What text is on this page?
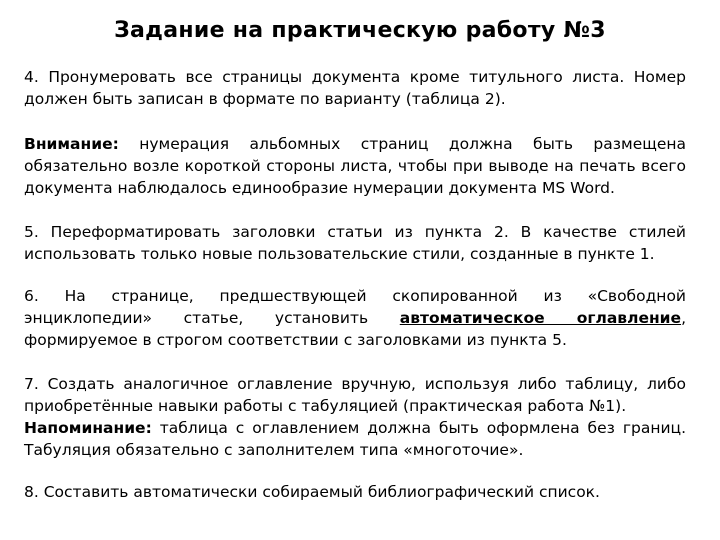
Задание на практическую работу №3
4. Пронумеровать все страницы документа кроме титульного листа. Номер должен быть записан в формате по варианту (таблица 2).
Внимание: нумерация альбомных страниц должна быть размещена обязательно возле короткой стороны листа, чтобы при выводе на печать всего документа наблюдалось единообразие нумерации документа MS Word.
5. Переформатировать заголовки статьи из пункта 2. В качестве стилей использовать только новые пользовательские стили, созданные в пункте 1.
6. На странице, предшествующей скопированной из «Свободной энциклопедии» статье, установить автоматическое оглавление, формируемое в строгом соответствии с заголовками из пункта 5.
7. Создать аналогичное оглавление вручную, используя либо таблицу, либо приобретённые навыки работы с табуляцией (практическая работа №1).
Напоминание: таблица с оглавлением должна быть оформлена без границ. Табуляция обязательно с заполнителем типа «многоточие».
8. Составить автоматически собираемый библиографический список.
